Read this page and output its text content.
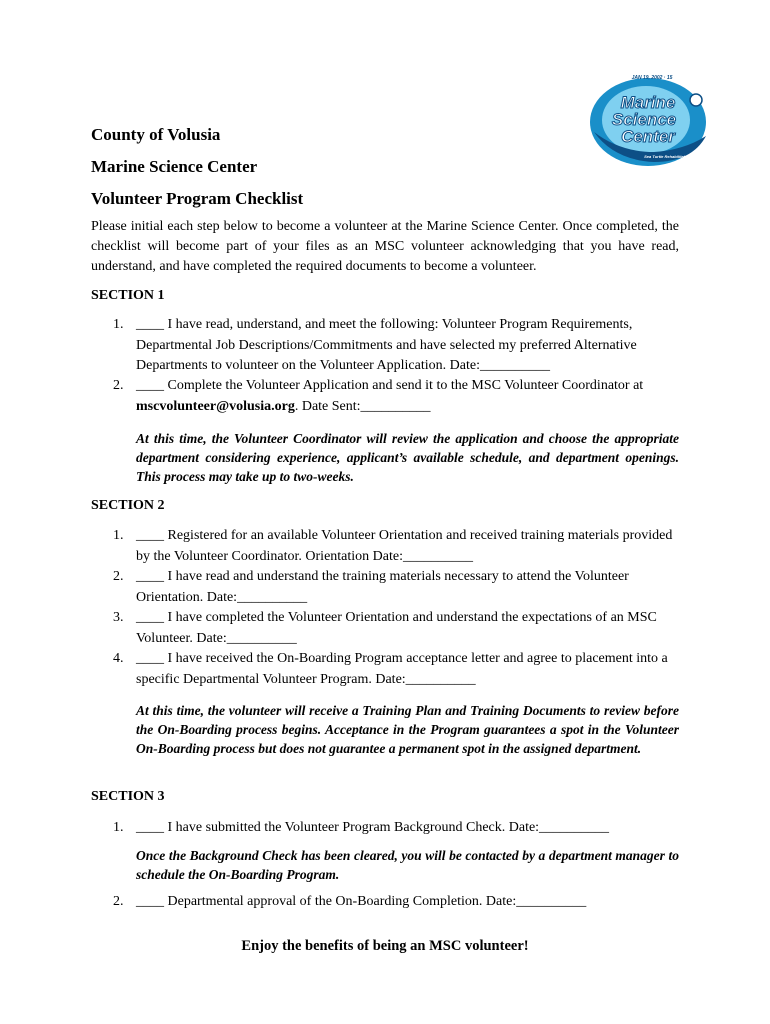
JAN 19, 2002 · 15
Marine
Science
Center
Sea Turtle Rehabilitation Hospital
County of Volusia
Marine Science Center
Volunteer Program Checklist
Please initial each step below to become a volunteer at the Marine Science Center. Once completed, the checklist will become part of your files as an MSC volunteer acknowledging that you have read, understand, and have completed the required documents to become a volunteer.
SECTION 1
1. ____ I have read, understand, and meet the following: Volunteer Program Requirements, Departmental Job Descriptions/Commitments and have selected my preferred Alternative Departments to volunteer on the Volunteer Application. Date:__________
2. ____ Complete the Volunteer Application and send it to the MSC Volunteer Coordinator at mscvolunteer@volusia.org. Date Sent:__________
At this time, the Volunteer Coordinator will review the application and choose the appropriate department considering experience, applicant’s available schedule, and department openings. This process may take up to two-weeks.
SECTION 2
1. ____ Registered for an available Volunteer Orientation and received training materials provided by the Volunteer Coordinator. Orientation Date:__________
2. ____ I have read and understand the training materials necessary to attend the Volunteer Orientation. Date:__________
3. ____ I have completed the Volunteer Orientation and understand the expectations of an MSC Volunteer. Date:__________
4. ____ I have received the On-Boarding Program acceptance letter and agree to placement into a specific Departmental Volunteer Program. Date:__________
At this time, the volunteer will receive a Training Plan and Training Documents to review before the On-Boarding process begins. Acceptance in the Program guarantees a spot in the Volunteer On-Boarding process but does not guarantee a permanent spot in the assigned department.
SECTION 3
1. ____ I have submitted the Volunteer Program Background Check. Date:__________
Once the Background Check has been cleared, you will be contacted by a department manager to schedule the On-Boarding Program.
2. ____ Departmental approval of the On-Boarding Completion. Date:__________
Enjoy the benefits of being an MSC volunteer!
